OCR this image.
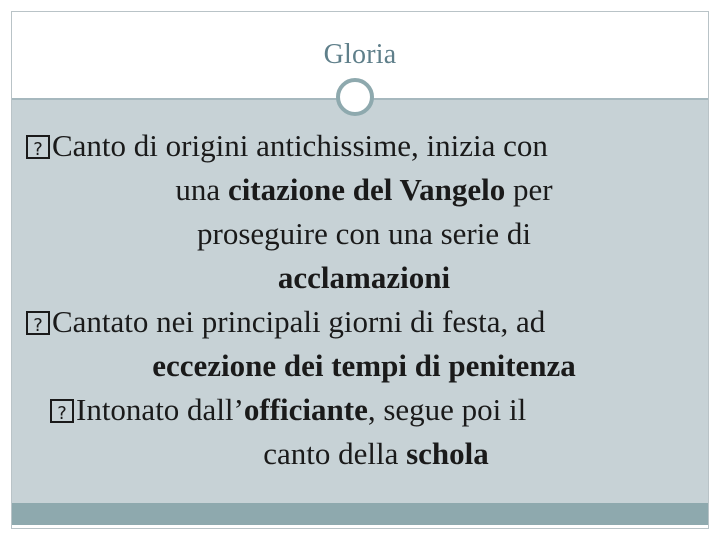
Gloria
?Canto di origini antichissime, inizia con
una citazione del Vangelo per
proseguire con una serie di
acclamazioni
?Cantato nei principali giorni di festa, ad
eccezione dei tempi di penitenza
?Intonato dall’officiante, segue poi il
canto della schola
